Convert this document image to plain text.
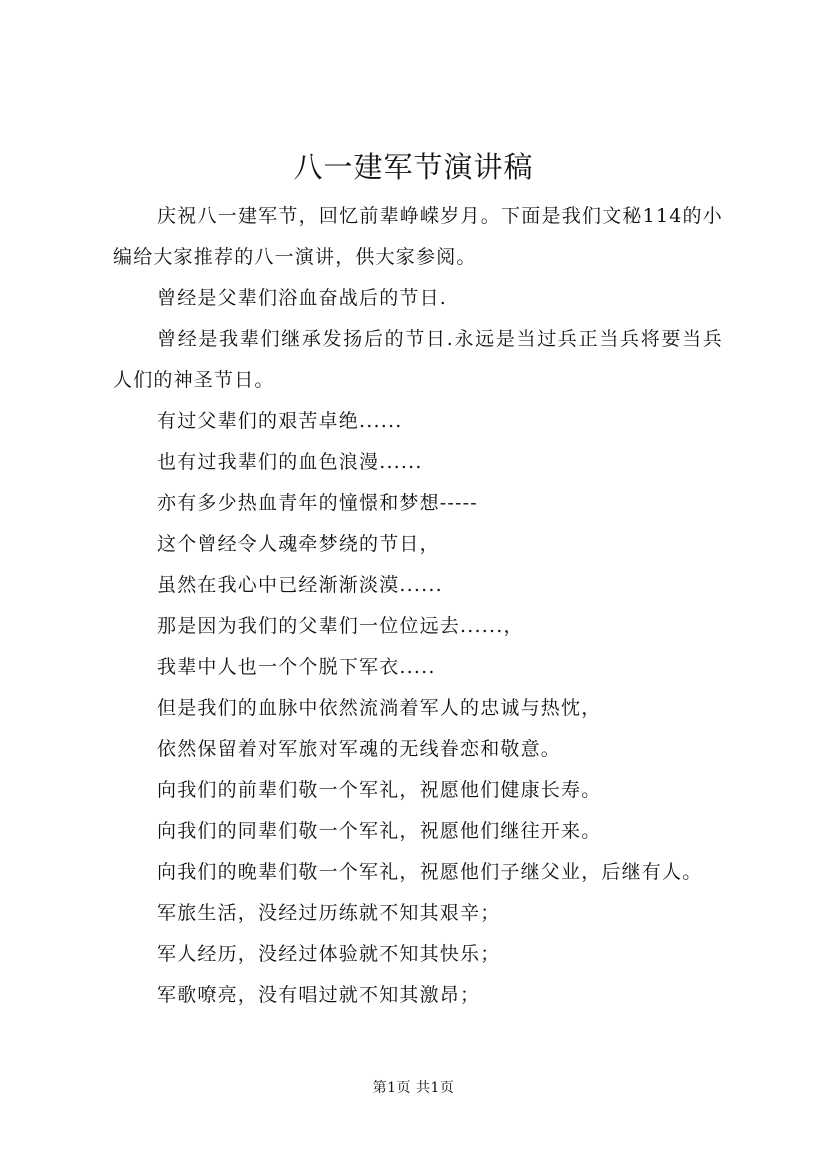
八一建军节演讲稿

庆祝八一建军节，回忆前辈峥嵘岁月。下面是我们文秘114的小编给大家推荐的八一演讲，供大家参阅。

曾经是父辈们浴血奋战后的节日.

曾经是我辈们继承发扬后的节日.永远是当过兵正当兵将要当兵人们的神圣节日。

有过父辈们的艰苦卓绝......

也有过我辈们的血色浪漫......

亦有多少热血青年的憧憬和梦想-----

这个曾经令人魂牵梦绕的节日，

虽然在我心中已经渐渐淡漠......

那是因为我们的父辈们一位位远去......，

我辈中人也一个个脱下军衣.....

但是我们的血脉中依然流淌着军人的忠诚与热忱，

依然保留着对军旅对军魂的无线眷恋和敬意。

向我们的前辈们敬一个军礼，祝愿他们健康长寿。

向我们的同辈们敬一个军礼，祝愿他们继往开来。

向我们的晚辈们敬一个军礼，祝愿他们子继父业，后继有人。

军旅生活，没经过历练就不知其艰辛；

军人经历，没经过体验就不知其快乐；

军歌嘹亮，没有唱过就不知其激昂；

第1页 共1页
